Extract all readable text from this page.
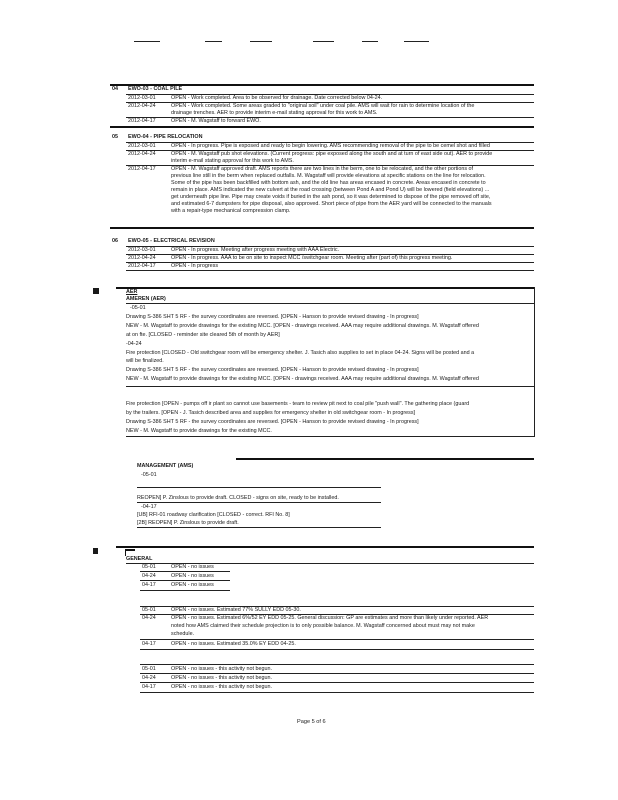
04 EWO-03 - COAL PILE
2012-03-01	OPEN - Work completed. Area to be observed for drainage. Date corrected below 04-24.
2012-04-24	OPEN - Work completed. Some areas graded to "original soil" under coal pile. AMS will wait for rain to determine location of the
drainage trenches. AER to provide interim e-mail stating approval for this work to AMS.
2012-04-17	OPEN - M. Wagstaff to forward EWO.
05 EWO-04 - PIPE RELOCATION
2012-03-01	OPEN - In progress. Pipe is exposed and ready to begin lowering. AMS recommending removal of the pipe to be cemel shot and filled
2012-04-24	OPEN - M. Wagstaff pub shot elevations. (Current progress: pipe exposed along the south and at turn of east side out). AER to provide
interim e-mail stating approval for this work to AMS.
2012-04-17	OPEN - M. Wagstaff approved draft. AMS reports there are two lines in the berm, one to be relocated, and the other portions of
previous line still in the berm when replaced outfalls. M. Wagstaff will provide elevations at specific stations on the line for relocation.
Some of the pipe has been backfilled with bottom ash, and the old line has areas encased in concrete. Areas encased in concrete to
remain in place. AMS indicated the new culvert at the road crossing (between Pond A and Pond U) will be lowered (field elevations) ...
get underneath pipe line. Pipe may create voids if buried in the ash pond, so it was determined to dispose of the pipe removed off site,
and estimated 6-7 dumpsters for pipe disposal, also approved. Short piece of pipe from the AER yard will be connected to the manuals
with a repair-type mechanical compression clamp.
06 EWO-05 - ELECTRICAL REVISION
2012-03-01	OPEN - In progress. Meeting after progress meeting with AAA Electric.
2012-04-24	OPEN - In progress. AAA to be on site to inspect MCC /switchgear room. Meeting after (part of) this progress meeting.
2012-04-17	OPEN - In progress
AER
AMEREN (AER)
-05-01
Drawing S-386 SHT 5 RF - the survey coordinates are reversed. [OPEN - Hanson to provide revised drawing - In progress]
NEW - M. Wagstaff to provide drawings for the existing MCC. [OPEN - drawings received. AAA may require additional drawings. M. Wagstaff offered
at on fte. [CLOSED - reminder site cleared 5th of month by AER]
-04-24
Fire protection [CLOSED - Old switchgear room will be emergency shelter. J. Tasich also supplies to set in place 04-24. Signs will be posted and a
will be finalized.
Drawing S-386 SHT 5 RF - the survey coordinates are reversed. [OPEN - Hanson to provide revised drawing - In progress]
NEW - M. Wagstaff to provide drawings for the existing MCC. [OPEN - drawings received. AAA may require additional drawings. M. Wagstaff offered
Fire protection [OPEN - pumps off ir plant so cannot use basements - team to review pit next to coal pile "push wall". The gathering place (guard
by the trailers. [OPEN - J. Tasich described area and supplies for emergency shelter in old switchgear room - In progress]
Drawing S-386 SHT 5 RF - the survey coordinates are reversed. [OPEN - Hanson to provide revised drawing - In progress]
NEW - M. Wagstaff to provide drawings for the existing MCC.
MANAGEMENT (AMS)
-05-01
REOPEN] P. Zinslous to provide draft. CLOSED - signs on site, ready to be installed.
-04-17
[UB] RFI-01 roadway clarification [CLOSED - correct. RFI No. 8]
[2B] REOPEN] P. Zinslous to provide draft.
GENERAL
05-01	OPEN - no issues
04-24	OPEN - no issues
04-17	OPEN - no issues
05-01	OPEN - no issues. Estimated 77% SULLY EDD 05-30.
04-24	OPEN - no issues. Estimated 6%/52 EY EDD 05-25. General discussion: GP are estimates and more than likely under reported. AER
noted how AMS claimed their schedule projection is to only possible balance. M. Wagstaff concerned about must may not make
schedule.
04-17	OPEN - no issues. Estimated 35.0% EY EDD 04-25.
05-01	OPEN - no issues - this activity not begun.
04-24	OPEN - no issues - this activity not begun.
04-17	OPEN - no issues - this activity not begun.
Page 5 of 6
